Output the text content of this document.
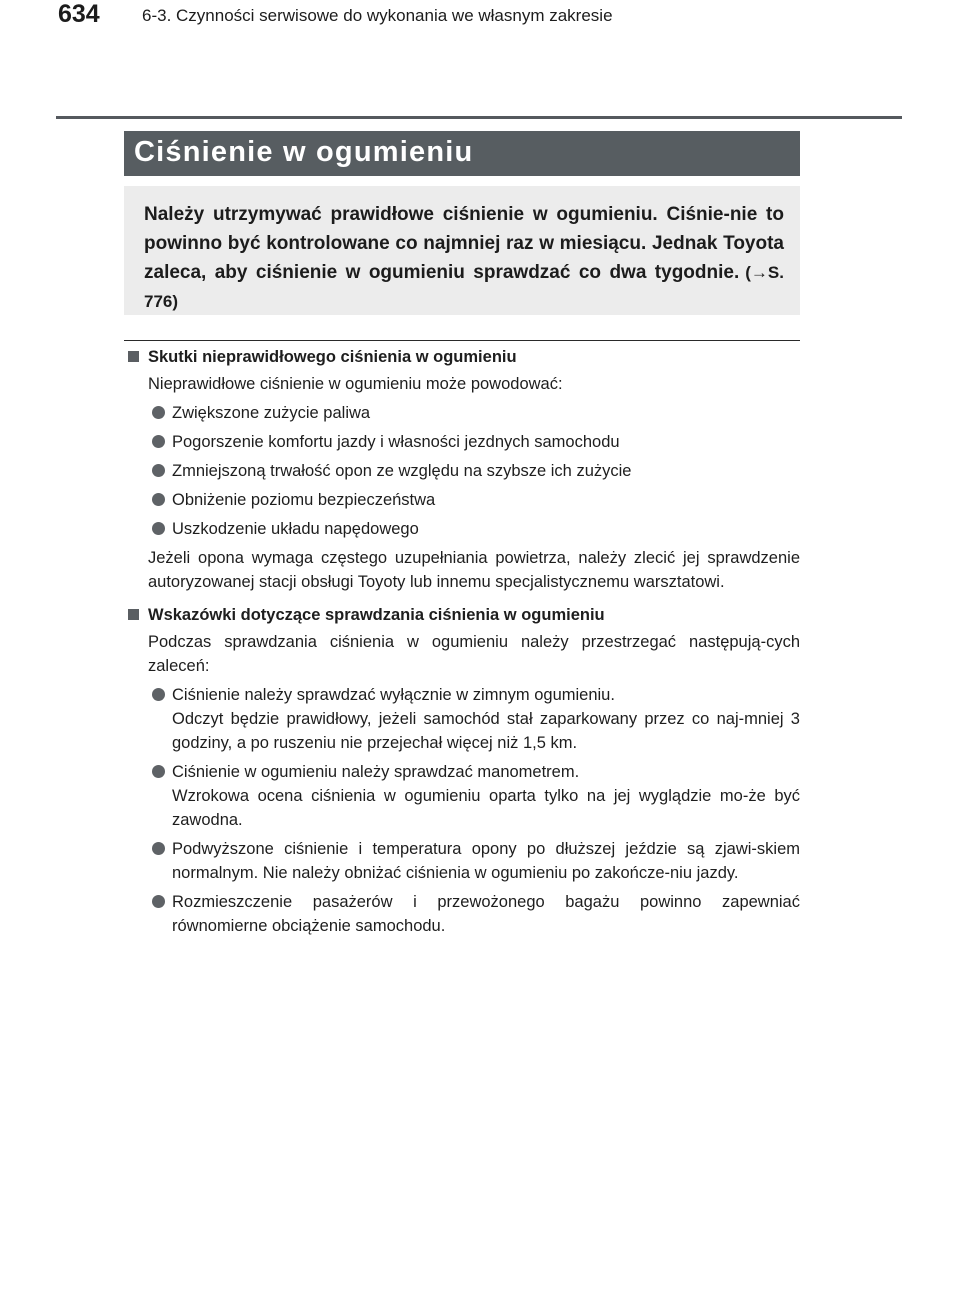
634 6-3. Czynności serwisowe do wykonania we własnym zakresie
Ciśnienie w ogumieniu
Należy utrzymywać prawidłowe ciśnienie w ogumieniu. Ciśnie-nie to powinno być kontrolowane co najmniej raz w miesiącu. Jednak Toyota zaleca, aby ciśnienie w ogumieniu sprawdzać co dwa tygodnie. (→S. 776)
Skutki nieprawidłowego ciśnienia w ogumieniu
Nieprawidłowe ciśnienie w ogumieniu może powodować:
Zwiększone zużycie paliwa
Pogorszenie komfortu jazdy i własności jezdnych samochodu
Zmniejszoną trwałość opon ze względu na szybsze ich zużycie
Obniżenie poziomu bezpieczeństwa
Uszkodzenie układu napędowego
Jeżeli opona wymaga częstego uzupełniania powietrza, należy zlecić jej sprawdzenie autoryzowanej stacji obsługi Toyoty lub innemu specjalistycznemu warsztatowi.
Wskazówki dotyczące sprawdzania ciśnienia w ogumieniu
Podczas sprawdzania ciśnienia w ogumieniu należy przestrzegać następują-cych zaleceń:
Ciśnienie należy sprawdzać wyłącznie w zimnym ogumieniu.
Odczyt będzie prawidłowy, jeżeli samochód stał zaparkowany przez co naj-mniej 3 godziny, a po ruszeniu nie przejechał więcej niż 1,5 km.
Ciśnienie w ogumieniu należy sprawdzać manometrem.
Wzrokowa ocena ciśnienia w ogumieniu oparta tylko na jej wyglądzie mo-że być zawodna.
Podwyższone ciśnienie i temperatura opony po dłuższej jeździe są zjawi-skiem normalnym. Nie należy obniżać ciśnienia w ogumieniu po zakończe-niu jazdy.
Rozmieszczenie pasażerów i przewożonego bagażu powinno zapewniać równomierne obciążenie samochodu.
